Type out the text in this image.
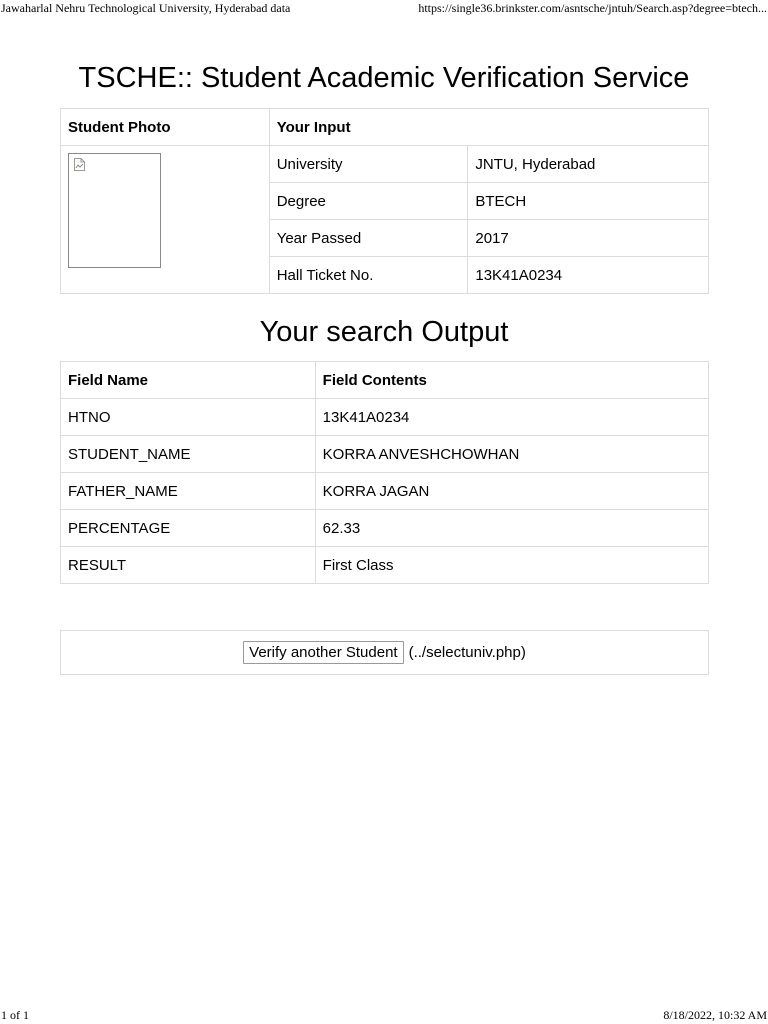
Jawaharlal Nehru Technological University, Hyderabad data	https://single36.brinkster.com/asntsche/jntuh/Search.asp?degree=btech...
TSCHE:: Student Academic Verification Service
Student Photo	Your Input	

	University	JNTU, Hyderabad
	Degree	BTECH
	Year Passed	2017
	Hall Ticket No.	13K41A0234
Your search Output
Field Name	Field Contents
HTNO	13K41A0234
STUDENT_NAME	KORRA ANVESHCHOWHAN
FATHER_NAME	KORRA JAGAN
PERCENTAGE	62.33
RESULT	First Class
Verify another Student (../selectuniv.php)
1 of 1	8/18/2022, 10:32 AM
